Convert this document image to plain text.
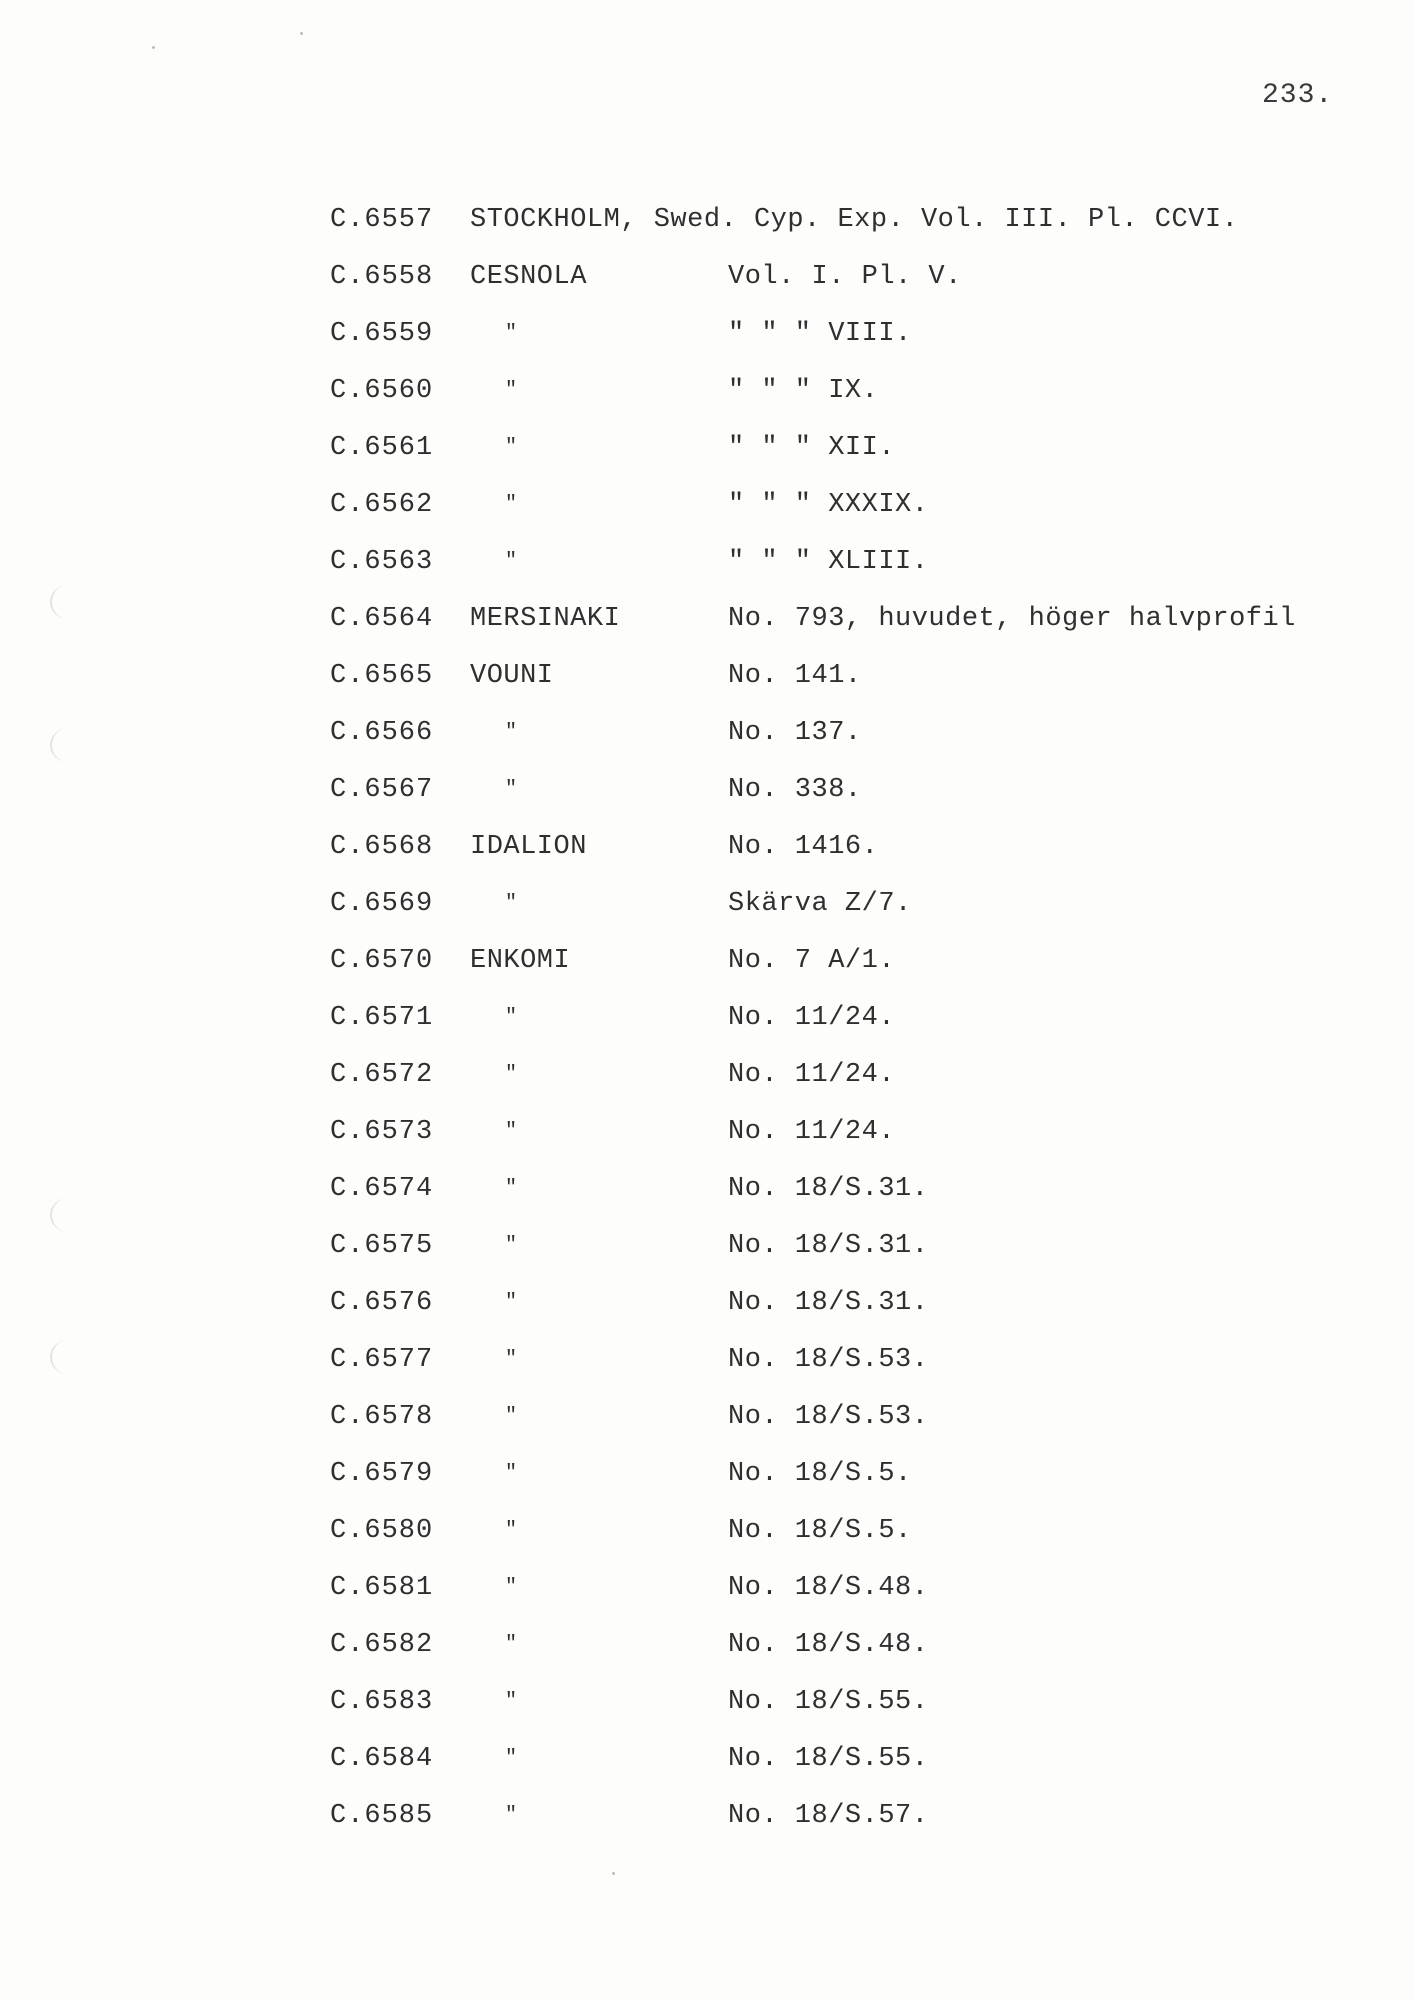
233.
C.6557 STOCKHOLM, Swed. Cyp. Exp. Vol. III. Pl. CCVI.
C.6558 CESNOLA	Vol. I. Pl. V.
C.6559	"	" " " VIII.
C.6560	"	" " " IX.
C.6561	"	" " " XII.
C.6562	"	" " " XXXIX.
C.6563	"	" " " XLIII.
C.6564 MERSINAKI	No. 793, huvudet, höger halvprofil
C.6565 VOUNI	No. 141.
C.6566	"	No. 137.
C.6567	"	No. 338.
C.6568 IDALION	No. 1416.
C.6569	"	Skärva Z/7.
C.6570 ENKOMI	No. 7 A/1.
C.6571	"	No. 11/24.
C.6572	"	No. 11/24.
C.6573	"	No. 11/24.
C.6574	"	No. 18/S.31.
C.6575	"	No. 18/S.31.
C.6576	"	No. 18/S.31.
C.6577	"	No. 18/S.53.
C.6578	"	No. 18/S.53.
C.6579	"	No. 18/S.5.
C.6580	"	No. 18/S.5.
C.6581	"	No. 18/S.48.
C.6582	"	No. 18/S.48.
C.6583	"	No. 18/S.55.
C.6584	"	No. 18/S.55.
C.6585	"	No. 18/S.57.
